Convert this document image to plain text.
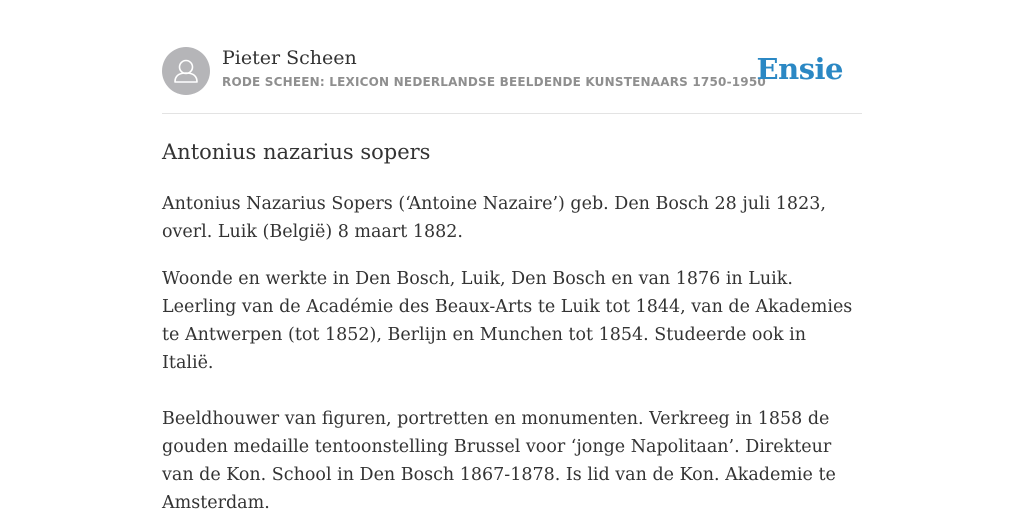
Pieter Scheen
RODE SCHEEN: LEXICON NEDERLANDSE BEELDENDE KUNSTENAARS 1750-1950
Ensie
Antonius nazarius sopers

Antonius Nazarius Sopers (‘Antoine Nazaire’) geb. Den Bosch 28 juli 1823, overl. Luik (België) 8 maart 1882.

Woonde en werkte in Den Bosch, Luik, Den Bosch en van 1876 in Luik. Leerling van de Académie des Beaux-Arts te Luik tot 1844, van de Akademies te Antwerpen (tot 1852), Berlijn en Munchen tot 1854. Studeerde ook in Italië.

Beeldhouwer van figuren, portretten en monumenten. Verkreeg in 1858 de gouden medaille tentoonstelling Brussel voor ‘jonge Napolitaan’. Direkteur van de Kon. School in Den Bosch 1867-1878. Is lid van de Kon. Akademie te Amsterdam.
